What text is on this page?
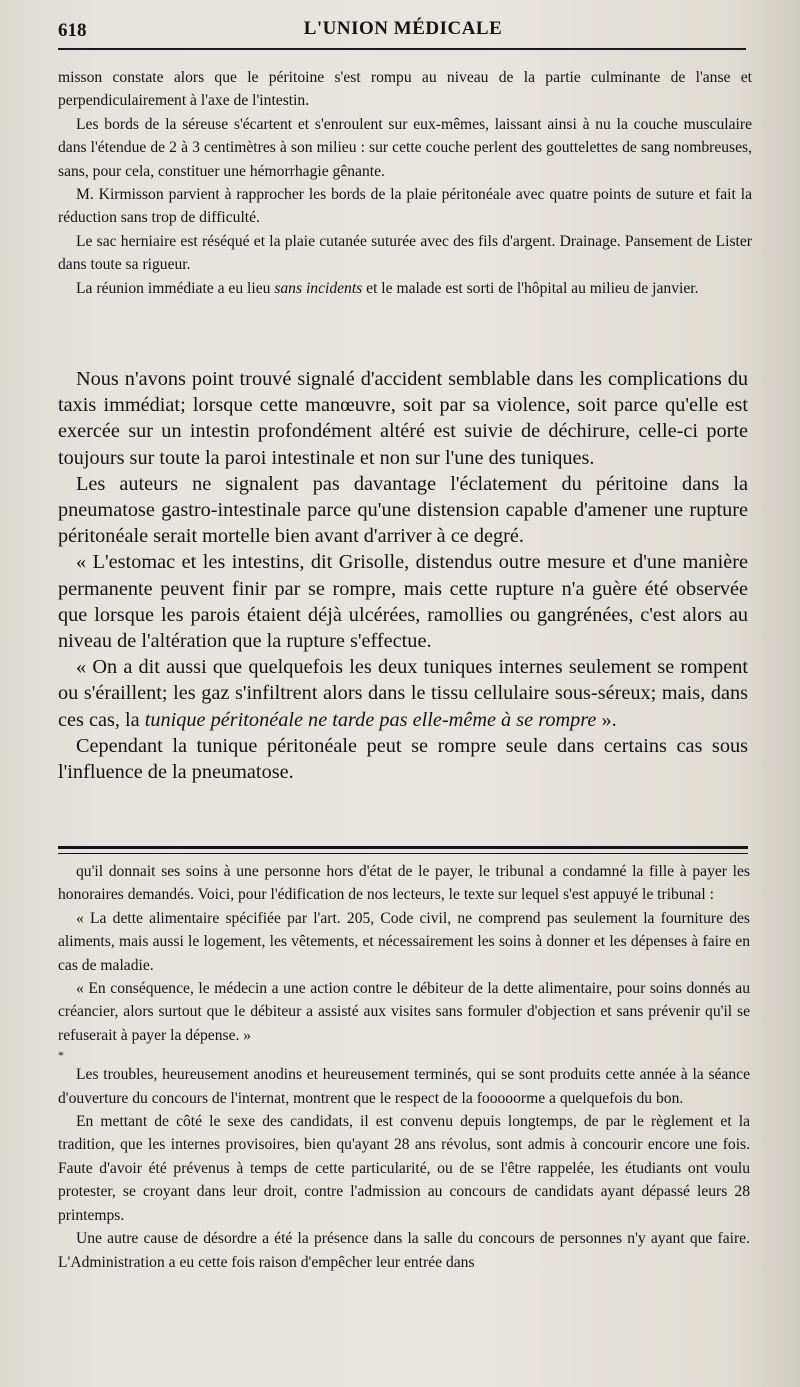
618	L'UNION MÉDICALE

misson constate alors que le péritoine s'est rompu au niveau de la partie culminante de l'anse et perpendiculairement à l'axe de l'intestin.

Les bords de la séreuse s'écartent et s'enroulent sur eux-mêmes, laissant ainsi à nu la couche musculaire dans l'étendue de 2 à 3 centimètres à son milieu : sur cette couche perlent des gouttelettes de sang nombreuses, sans, pour cela, constituer une hémorrhagie gênante.

M. Kirmisson parvient à rapprocher les bords de la plaie péritonéale avec quatre points de suture et fait la réduction sans trop de difficulté.

Le sac herniaire est réséqué et la plaie cutanée suturée avec des fils d'argent. Drainage. Pansement de Lister dans toute sa rigueur.

La réunion immédiate a eu lieu sans incidents et le malade est sorti de l'hôpital au milieu de janvier.

Nous n'avons point trouvé signalé d'accident semblable dans les complications du taxis immédiat; lorsque cette manœuvre, soit par sa violence, soit parce qu'elle est exercée sur un intestin profondément altéré est suivie de déchirure, celle-ci porte toujours sur toute la paroi intestinale et non sur l'une des tuniques.

Les auteurs ne signalent pas davantage l'éclatement du péritoine dans la pneumatose gastro-intestinale parce qu'une distension capable d'amener une rupture péritonéale serait mortelle bien avant d'arriver à ce degré.

« L'estomac et les intestins, dit Grisolle, distendus outre mesure et d'une manière permanente peuvent finir par se rompre, mais cette rupture n'a guère été observée que lorsque les parois étaient déjà ulcérées, ramollies ou gangrénées, c'est alors au niveau de l'altération que la rupture s'effectue.

« On a dit aussi que quelquefois les deux tuniques internes seulement se rompent ou s'éraillent; les gaz s'infiltrent alors dans le tissu cellulaire sous-séreux; mais, dans ces cas, la tunique péritonéale ne tarde pas elle-même à se rompre ».

Cependant la tunique péritonéale peut se rompre seule dans certains cas sous l'influence de la pneumatose.

qu'il donnait ses soins à une personne hors d'état de le payer, le tribunal a condamné la fille à payer les honoraires demandés. Voici, pour l'édification de nos lecteurs, le texte sur lequel s'est appuyé le tribunal :

« La dette alimentaire spécifiée par l'art. 205, Code civil, ne comprend pas seulement la fourniture des aliments, mais aussi le logement, les vêtements, et nécessairement les soins à donner et les dépenses à faire en cas de maladie.

« En conséquence, le médecin a une action contre le débiteur de la dette alimentaire, pour soins donnés au créancier, alors surtout que le débiteur a assisté aux visites sans formuler d'objection et sans prévenir qu'il se refuserait à payer la dépense. »

*

Les troubles, heureusement anodins et heureusement terminés, qui se sont produits cette année à la séance d'ouverture du concours de l'internat, montrent que le respect de la fooooorme a quelquefois du bon.

En mettant de côté le sexe des candidats, il est convenu depuis longtemps, de par le règlement et la tradition, que les internes provisoires, bien qu'ayant 28 ans révolus, sont admis à concourir encore une fois. Faute d'avoir été prévenus à temps de cette particularité, ou de se l'être rappelée, les étudiants ont voulu protester, se croyant dans leur droit, contre l'admission au concours de candidats ayant dépassé leurs 28 printemps.

Une autre cause de désordre a été la présence dans la salle du concours de personnes n'y ayant que faire. L'Administration a eu cette fois raison d'empêcher leur entrée dans
